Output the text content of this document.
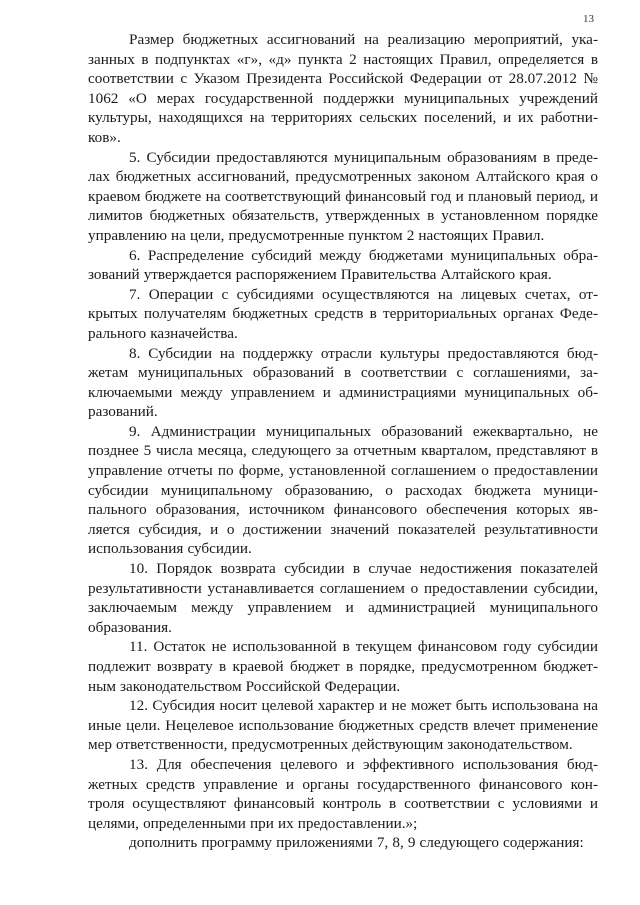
13

Размер бюджетных ассигнований на реализацию мероприятий, указанных в подпунктах «г», «д» пункта 2 настоящих Правил, определяется в соответствии с Указом Президента Российской Федерации от 28.07.2012 № 1062 «О мерах государственной поддержки муниципальных учреждений культуры, находящихся на территориях сельских поселений, и их работников».

5. Субсидии предоставляются муниципальным образованиям в пределах бюджетных ассигнований, предусмотренных законом Алтайского края о краевом бюджете на соответствующий финансовый год и плановый период, и лимитов бюджетных обязательств, утвержденных в установленном порядке управлению на цели, предусмотренные пунктом 2 настоящих Правил.

6. Распределение субсидий между бюджетами муниципальных образований утверждается распоряжением Правительства Алтайского края.

7. Операции с субсидиями осуществляются на лицевых счетах, открытых получателям бюджетных средств в территориальных органах Федерального казначейства.

8. Субсидии на поддержку отрасли культуры предоставляются бюджетам муниципальных образований в соответствии с соглашениями, заключаемыми между управлением и администрациями муниципальных образований.

9. Администрации муниципальных образований ежеквартально, не позднее 5 числа месяца, следующего за отчетным кварталом, представляют в управление отчеты по форме, установленной соглашением о предоставлении субсидии муниципальному образованию, о расходах бюджета муниципального образования, источником финансового обеспечения которых является субсидия, и о достижении значений показателей результативности использования субсидии.

10. Порядок возврата субсидии в случае недостижения показателей результативности устанавливается соглашением о предоставлении субсидии, заключаемым между управлением и администрацией муниципального образования.

11. Остаток не использованной в текущем финансовом году субсидии подлежит возврату в краевой бюджет в порядке, предусмотренном бюджетным законодательством Российской Федерации.

12. Субсидия носит целевой характер и не может быть использована на иные цели. Нецелевое использование бюджетных средств влечет применение мер ответственности, предусмотренных действующим законодательством.

13. Для обеспечения целевого и эффективного использования бюджетных средств управление и органы государственного финансового контроля осуществляют финансовый контроль в соответствии с условиями и целями, определенными при их предоставлении.»;

дополнить программу приложениями 7, 8, 9 следующего содержания:
